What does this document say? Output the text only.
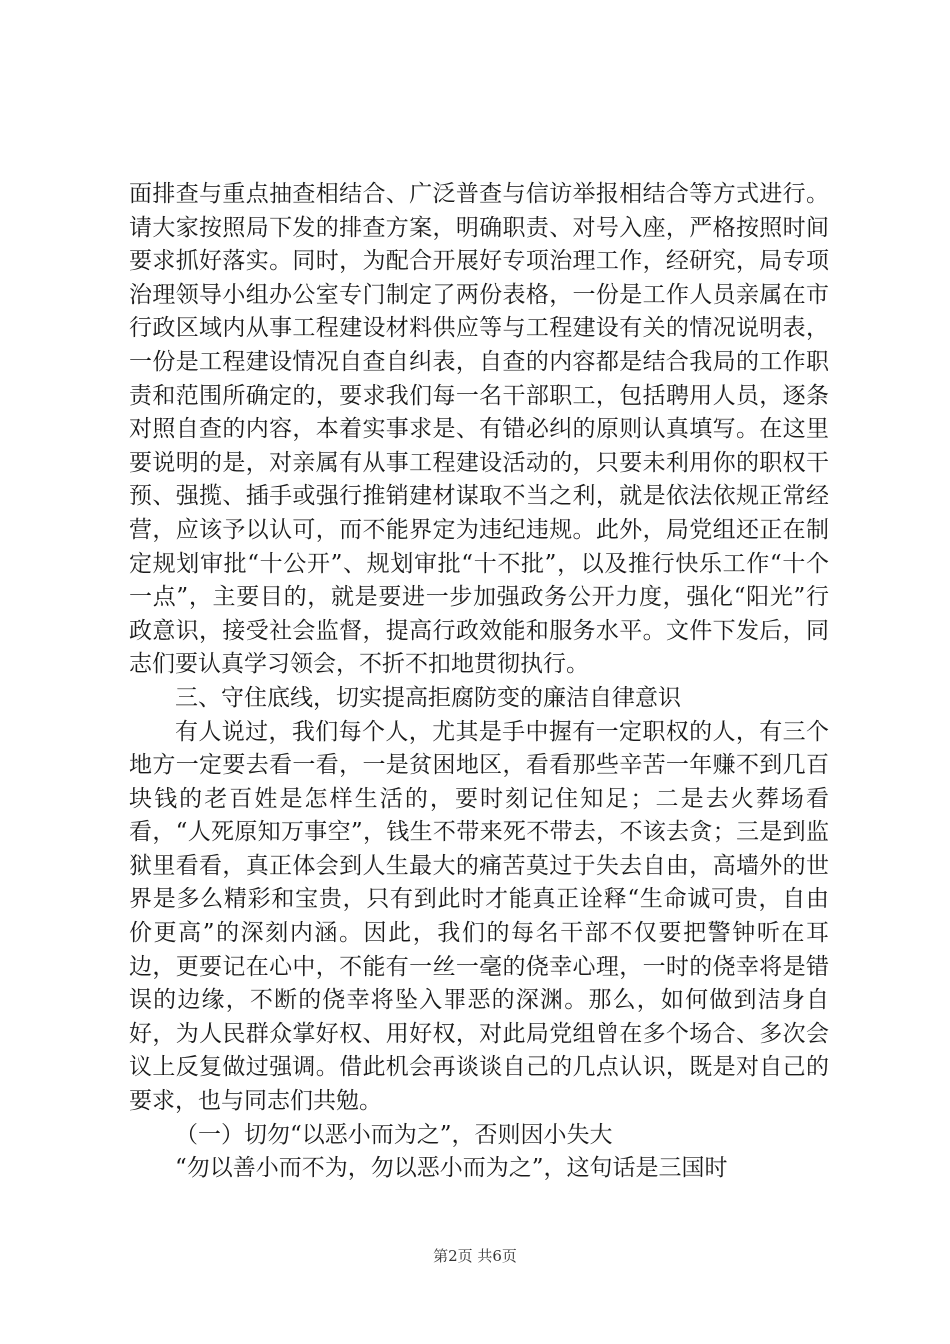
面排查与重点抽查相结合、广泛普查与信访举报相结合等方式进行。请大家按照局下发的排查方案，明确职责、对号入座，严格按照时间要求抓好落实。同时，为配合开展好专项治理工作，经研究，局专项治理领导小组办公室专门制定了两份表格，一份是工作人员亲属在市行政区域内从事工程建设材料供应等与工程建设有关的情况说明表，一份是工程建设情况自查自纠表，自查的内容都是结合我局的工作职责和范围所确定的，要求我们每一名干部职工，包括聘用人员，逐条对照自查的内容，本着实事求是、有错必纠的原则认真填写。在这里要说明的是，对亲属有从事工程建设活动的，只要未利用你的职权干预、强揽、插手或强行推销建材谋取不当之利，就是依法依规正常经营，应该予以认可，而不能界定为违纪违规。此外，局党组还正在制定规划审批“十公开”、规划审批“十不批”，以及推行快乐工作“十个一点”，主要目的，就是要进一步加强政务公开力度，强化“阳光”行政意识，接受社会监督，提高行政效能和服务水平。文件下发后，同志们要认真学习领会，不折不扣地贯彻执行。

三、守住底线，切实提高拒腐防变的廉洁自律意识

有人说过，我们每个人，尤其是手中握有一定职权的人，有三个地方一定要去看一看，一是贫困地区，看看那些辛苦一年赚不到几百块钱的老百姓是怎样生活的，要时刻记住知足；二是去火葬场看看，“人死原知万事空”，钱生不带来死不带去，不该去贪；三是到监狱里看看，真正体会到人生最大的痛苦莫过于失去自由，高墙外的世界是多么精彩和宝贵，只有到此时才能真正诠释“生命诚可贵，自由价更高”的深刻内涵。因此，我们的每名干部不仅要把警钟听在耳边，更要记在心中，不能有一丝一毫的侥幸心理，一时的侥幸将是错误的边缘，不断的侥幸将坠入罪恶的深渊。那么，如何做到洁身自好，为人民群众掌好权、用好权，对此局党组曾在多个场合、多次会议上反复做过强调。借此机会再谈谈自己的几点认识，既是对自己的要求，也与同志们共勉。

（一）切勿“以恶小而为之”，否则因小失大

“勿以善小而不为，勿以恶小而为之”，这句话是三国时

第2页 共6页
